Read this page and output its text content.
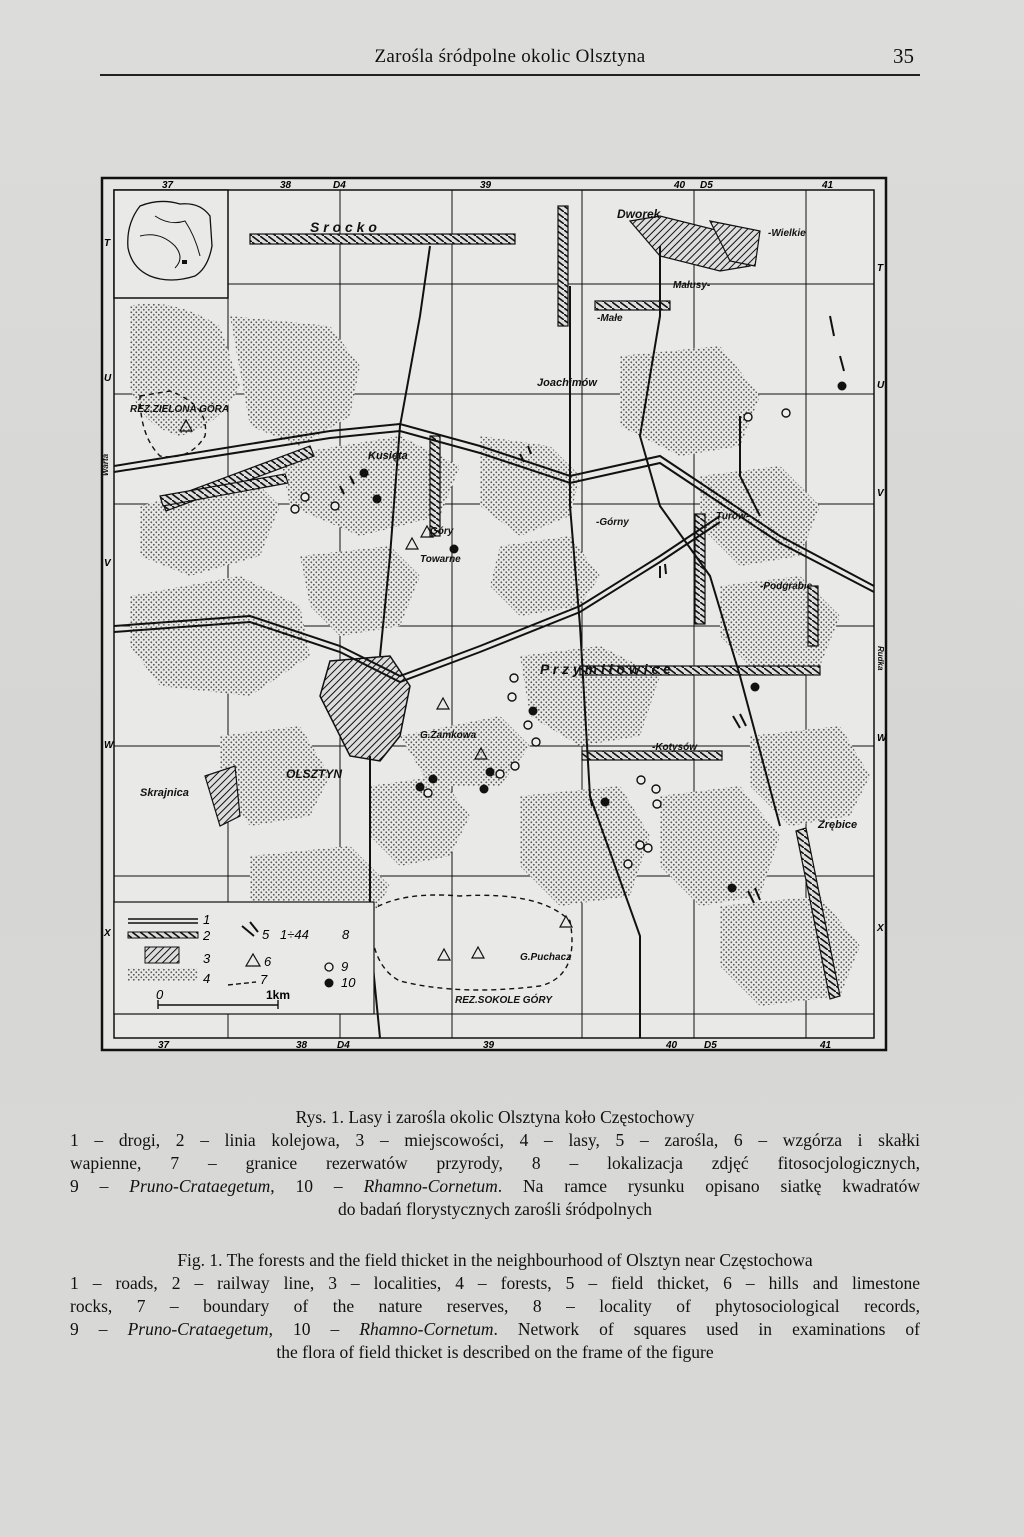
Zarośla śródpolne okolic Olsztyna	35
1
2
3
4
5
6
7
1÷44	8
9
10
0	1km
37	38	D4	39	40 D5	41
37	38	D4	39	40	D5	41
T
U
V
W
X
T
U
V
W
X
S r o c k o
Dworek
-Wielkie
Małusy-
-Małe
Joachimów
REZ.ZIELONA GÓRA
Kusięta
-Górny
Turów-
Góry
Towarne
-Podgrabie
P r z y m i ł o w i c e
G.Zamkowa
-Kotysów
OLSZTYN
Skrajnica
Zrębice
G.Puchacz
REZ.SOKOLE GÓRY
Warta
Rudka
Rys. 1. Lasy i zarośla okolic Olsztyna koło Częstochowy
1 – drogi, 2 – linia kolejowa, 3 – miejscowości, 4 – lasy, 5 – zarośla, 6 – wzgórza i skałki
wapienne, 7 – granice rezerwatów przyrody, 8 – lokalizacja zdjęć fitosocjologicznych,
9 – Pruno-Crataegetum, 10 – Rhamno-Cornetum. Na ramce rysunku opisano siatkę kwadratów
do badań florystycznych zarośli śródpolnych
Fig. 1. The forests and the field thicket in the neighbourhood of Olsztyn near Częstochowa
1 – roads, 2 – railway line, 3 – localities, 4 – forests, 5 – field thicket, 6 – hills and limestone
rocks, 7 – boundary of the nature reserves, 8 – locality of phytosociological records,
9 – Pruno-Crataegetum, 10 – Rhamno-Cornetum. Network of squares used in examinations of
the flora of field thicket is described on the frame of the figure
